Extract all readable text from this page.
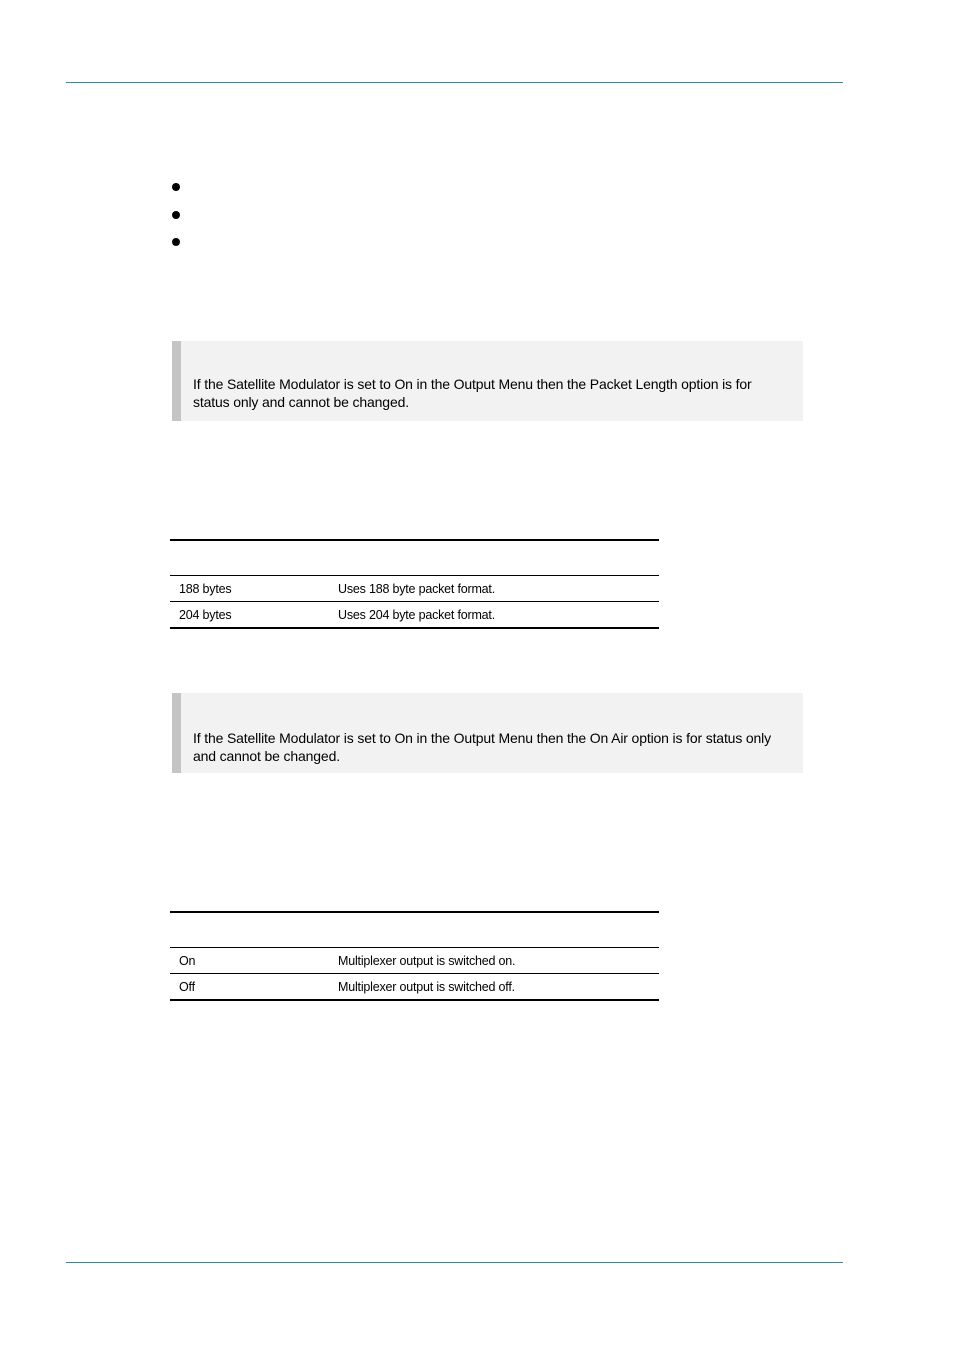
If the Satellite Modulator is set to On in the Output Menu then the Packet Length option is for status only and cannot be changed.
188 bytes	Uses 188 byte packet format.
204 bytes	Uses 204 byte packet format.
If the Satellite Modulator is set to On in the Output Menu then the On Air option is for status only and cannot be changed.
On	Multiplexer output is switched on.
Off	Multiplexer output is switched off.
